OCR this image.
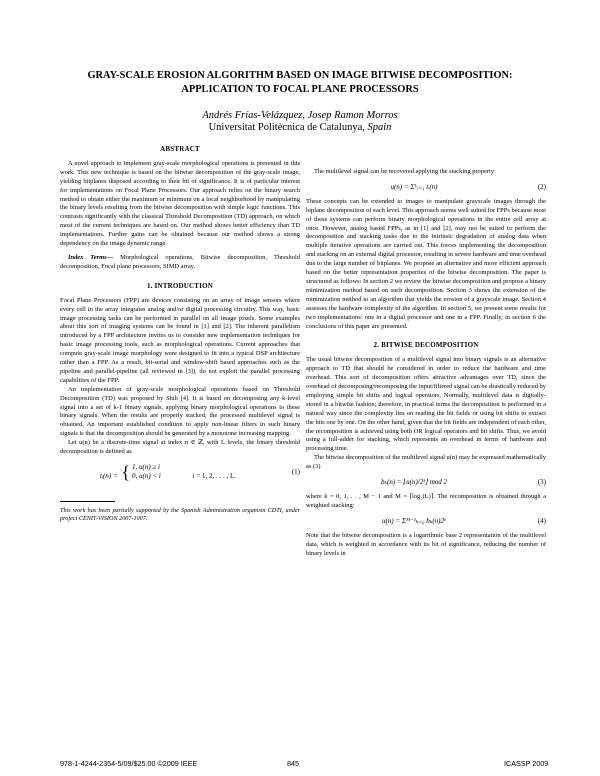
GRAY-SCALE EROSION ALGORITHM BASED ON IMAGE BITWISE DECOMPOSITION:
APPLICATION TO FOCAL PLANE PROCESSORS
Andrés Frías-Velázquez, Josep Ramon Morros
Universitat Politècnica de Catalunya, Spain
ABSTRACT

A novel approach to implement gray-scale morphological operations is presented in this work. This new technique is based on the bitwise decomposition of the gray-scale image, yielding bitplanes disposed according to their bit of significance. It is of particular interest for implementations on Focal Plane Processors. Our approach relies on the binary search method to obtain either the maximum or minimum on a local neighborhood by manipulating the binary levels resulting from the bitwise decomposition with simple logic functions. This contrasts significantly with the classical Threshold Decomposition (TD) approach, on which most of the current techniques are based on. Our method shows better efficiency than TD implementations. Further gains can be obtained because our method shows a strong dependency on the image dynamic range.

Index Terms— Morphological operations, Bitwise decomposition, Threshold decomposition, Focal plane processors, SIMD array.

1. INTRODUCTION

Focal Plane Processors (FPP) are devices consisting on an array of image sensors where every cell in the array integrates analog and/or digital processing circuitry. This way, basic image processing tasks can be performed in parallel on all image pixels. Some examples about this sort of imaging systems can be found in [1] and [2]. The inherent parallelism introduced by a FPP architecture invites us to consider new implementation techniques for basic image processing tools, such as morphological operations. Current approaches that compute gray-scale image morphology were designed to fit into a typical DSP architecture rather than a FPP. As a result, bit-serial and window-shift based approaches such as the pipeline and parallel-pipeline (all reviewed in [3]), do not exploit the parallel processing capabilities of the FPP.

An implementation of gray-scale morphological operations based on Threshold Decomposition (TD) was proposed by Shih [4]. It is based on decomposing any k-level signal into a set of k-1 binary signals, applying binary morphological operations to these binary signals. When the results are properly stacked, the processed multilevel signal is obtained. An important established condition to apply non-linear filters in such binary signals is that the decomposition should be generated by a monotone increasing mapping.

Let u(n) be a discrete-time signal at index n ∈ ℤ, with L levels, the binary threshold decomposition is defined as

tᵢ(n) = { 1, u(n) ≥ i
0, u(n) < i	i = 1, 2, . . . , L.
(1)

This work has been partially supported by the Spanish Administration organism CDTI, under project CENIT-VISION 2007-1007.

The multilevel signal can be recovered applying the stacking property:

u(n) = Σᴸᵢ₌₁ tᵢ(n)	(2)

These concepts can be extended to images to manipulate grayscale images through the biplane decomposition of each level. This approach seems well suited for FPPs because most of these systems can perform binary morphological operations in the entire cell array at once. However, analog based FPPs, as in [1] and [2], may not be suited to perform the decomposition and stacking tasks due to the intrinsic degradation of analog data when multiple iterative operations are carried out. This forces implementing the decomposition and stacking on an external digital processor, resulting in severe hardware and time overhead due to the large number of bitplanes. We propose an alternative and more efficient approach based on the better representation properties of the bitwise decomposition. The paper is structured as follows: In section 2 we review the bitwise decomposition and propose a binary minimization method based on such decomposition. Section 3 shows the extension of the minimization method to an algorithm that yields the erosion of a grayscale image. Section 4 assesses the hardware complexity of the algorithm. In section 5, we present some results for two implementations: one in a digital processor and one in a FPP. Finally, in section 6 the conclusions of this paper are presented.

2. BITWISE DECOMPOSITION

The usual bitwise decomposition of a multilevel signal into binary signals is an alternative approach to TD that should be considered in order to reduce the hardware and time overhead. This sort of decomposition offers attractive advantages over TD, since the overhead of decomposing/recomposing the input/filtered signal can be drastically reduced by employing simple bit shifts and logical operators. Normally, multilevel data is digitally-stored in a bitwise fashion; therefore, in practical terms the decomposition is performed in a natural way since the complexity lies on reading the bit fields or using bit shifts to extract the bits one by one. On the other hand, given that the bit fields are independent of each other, the recomposition is achieved using both OR logical operators and bit shifts. Thus, we avoid using a full-adder for stacking, which represents an overhead in terms of hardware and processing time.

The bitwise decomposition of the multilevel signal u(n) may be expressed mathematically as (3)

bₖ(n) = ⌊u(n)/2ᵏ⌋ mod 2	(3)

where k = 0, 1, . . , M − 1 and M = ⌈log₂(L)⌉. The recomposition is obtained through a weighted stacking:

u(n) = Σᴹ⁻¹ₖ₌₀ bₖ(n)2ᵏ	(4)

Note that the bitwise decomposition is a logarithmic base 2 representation of the multilevel data, which is weighted in accordance with its bit of significance, reducing the number of binary levels in

978-1-4244-2354-5/09/$25.00 ©2009 IEEE	845	ICASSP 2009
